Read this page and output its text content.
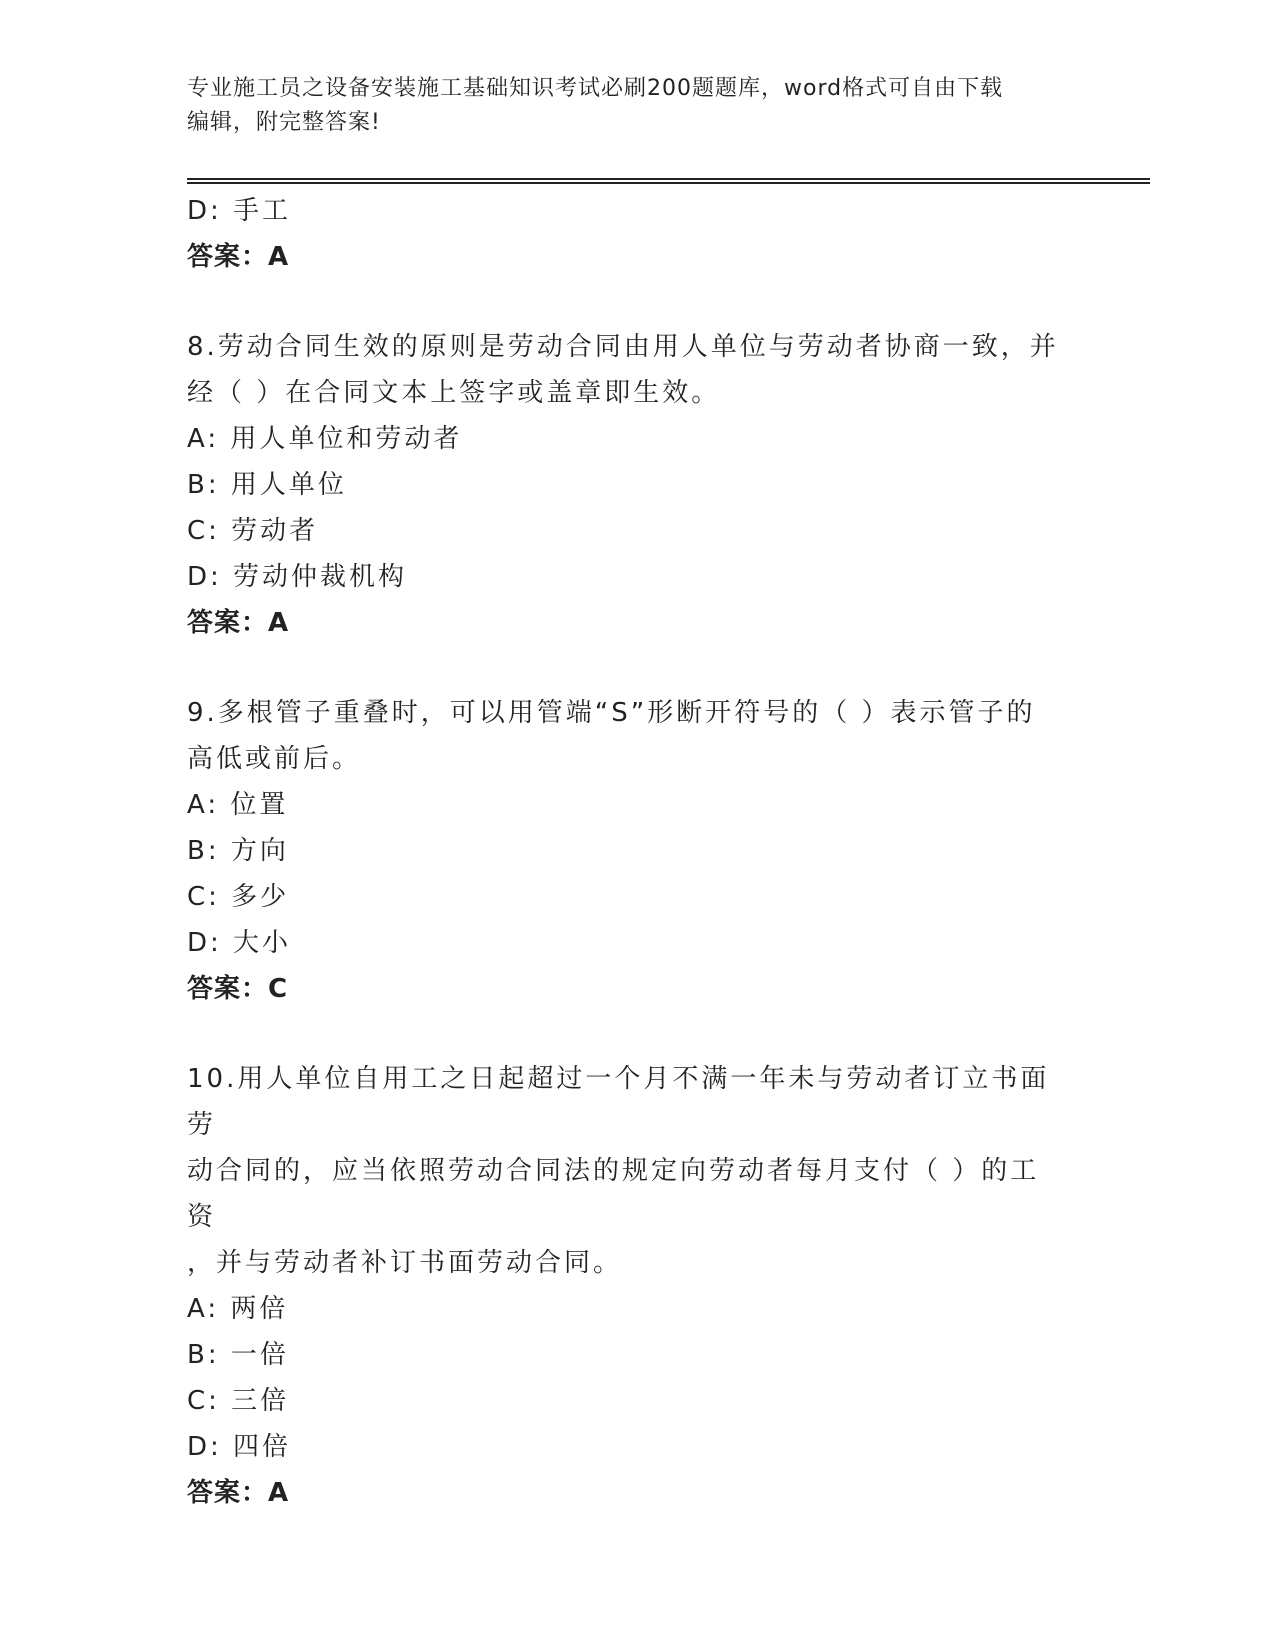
专业施工员之设备安装施工基础知识考试必刷200题题库，word格式可自由下载
编辑，附完整答案!
D: 手工
答案：A
8.劳动合同生效的原则是劳动合同由用人单位与劳动者协商一致，并
经（ ）在合同文本上签字或盖章即生效。
A: 用人单位和劳动者
B: 用人单位
C: 劳动者
D: 劳动仲裁机构
答案：A
9.多根管子重叠时，可以用管端“S”形断开符号的（ ）表示管子的
高低或前后。
A: 位置
B: 方向
C: 多少
D: 大小
答案：C
10.用人单位自用工之日起超过一个月不满一年未与劳动者订立书面劳
动合同的，应当依照劳动合同法的规定向劳动者每月支付（ ）的工资
，并与劳动者补订书面劳动合同。
A: 两倍
B: 一倍
C: 三倍
D: 四倍
答案：A
